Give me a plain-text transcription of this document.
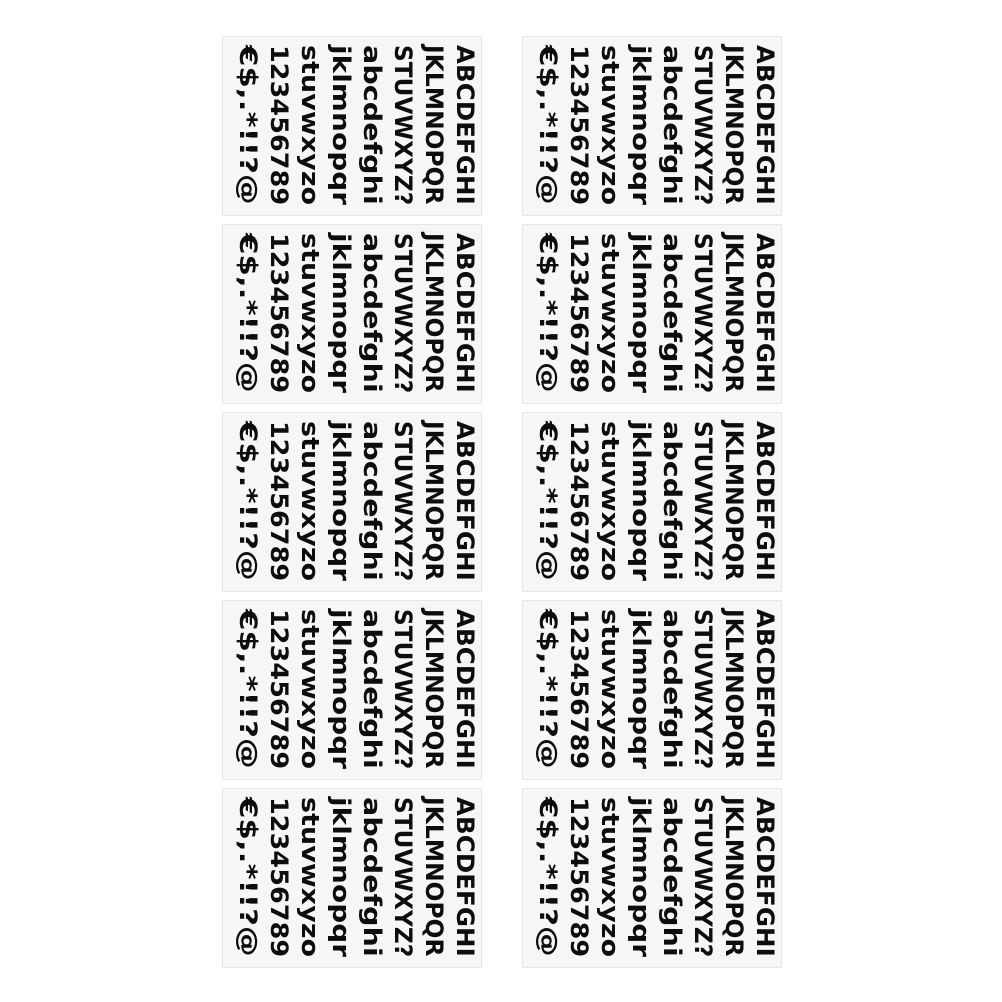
ABCDEFGHI
JKLMNOPQR
STUVWXYZ?
abcdefghi
jklmnopqr
stuvwxyzo
123456789
€$,.*!!?@	ABCDEFGHI
JKLMNOPQR
STUVWXYZ?
abcdefghi
jklmnopqr
stuvwxyzo
123456789
€$,.*!!?@
ABCDEFGHI
JKLMNOPQR
STUVWXYZ?
abcdefghi
jklmnopqr
stuvwxyzo
123456789
€$,.*!!?@	ABCDEFGHI
JKLMNOPQR
STUVWXYZ?
abcdefghi
jklmnopqr
stuvwxyzo
123456789
€$,.*!!?@
ABCDEFGHI
JKLMNOPQR
STUVWXYZ?
abcdefghi
jklmnopqr
stuvwxyzo
123456789
€$,.*!!?@	ABCDEFGHI
JKLMNOPQR
STUVWXYZ?
abcdefghi
jklmnopqr
stuvwxyzo
123456789
€$,.*!!?@
ABCDEFGHI
JKLMNOPQR
STUVWXYZ?
abcdefghi
jklmnopqr
stuvwxyzo
123456789
€$,.*!!?@	ABCDEFGHI
JKLMNOPQR
STUVWXYZ?
abcdefghi
jklmnopqr
stuvwxyzo
123456789
€$,.*!!?@
ABCDEFGHI
JKLMNOPQR
STUVWXYZ?
abcdefghi
jklmnopqr
stuvwxyzo
123456789
€$,.*!!?@	ABCDEFGHI
JKLMNOPQR
STUVWXYZ?
abcdefghi
jklmnopqr
stuvwxyzo
123456789
€$,.*!!?@
